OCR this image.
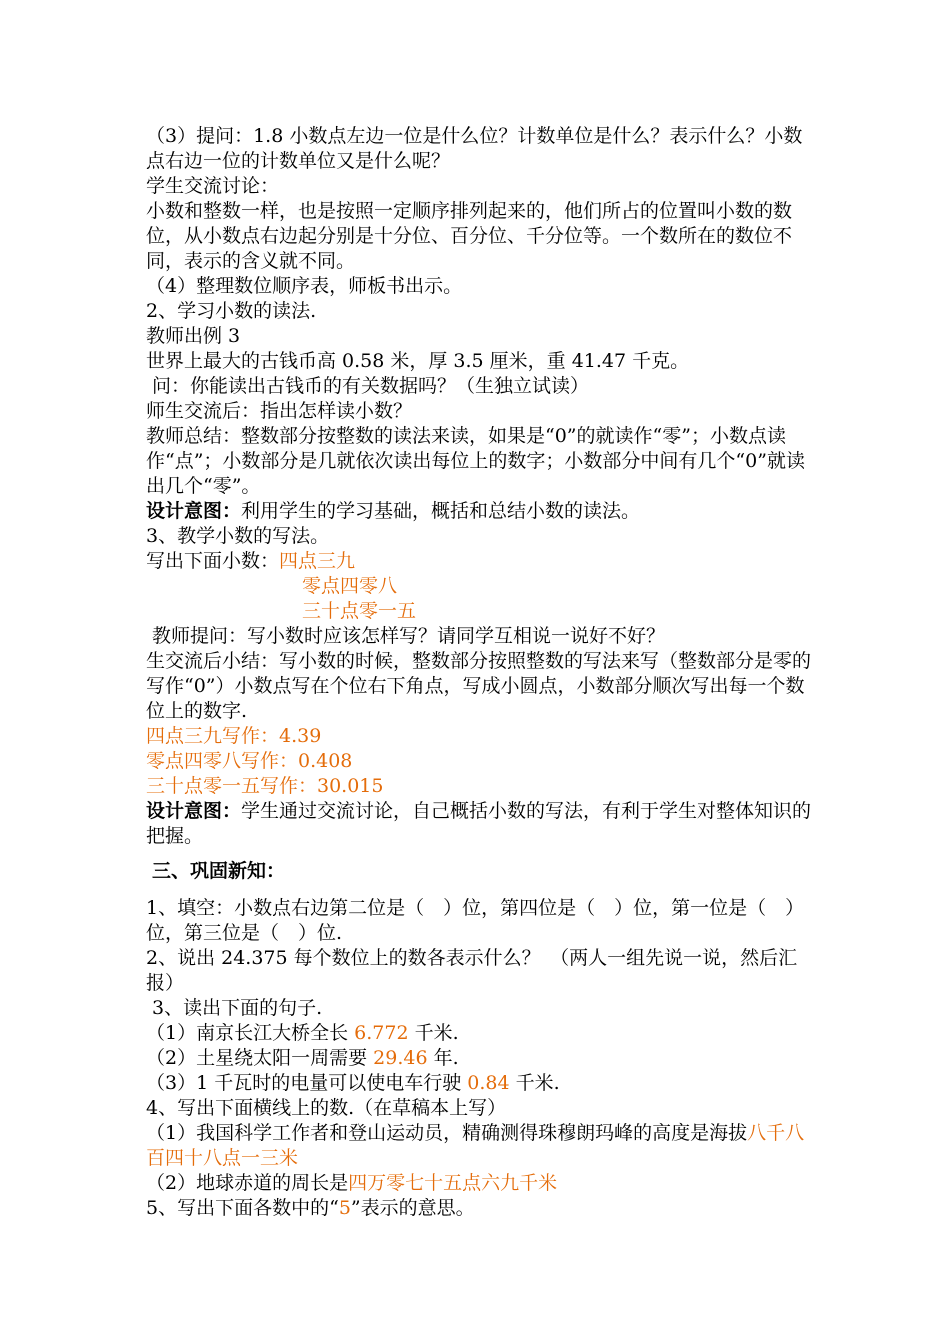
（3）提问：1.8 小数点左边一位是什么位？计数单位是什么？表示什么？小数点右边一位的计数单位又是什么呢？

学生交流讨论：

小数和整数一样，也是按照一定顺序排列起来的，他们所占的位置叫小数的数位，从小数点右边起分别是十分位、百分位、千分位等。一个数所在的数位不同，表示的含义就不同。

（4）整理数位顺序表，师板书出示。

2、学习小数的读法.

教师出例 3

世界上最大的古钱币高 0.58 米，厚 3.5 厘米，重 41.47 千克。

问：你能读出古钱币的有关数据吗？（生独立试读）

师生交流后：指出怎样读小数？

教师总结：整数部分按整数的读法来读，如果是“0”的就读作“零”；小数点读作“点”；小数部分是几就依次读出每位上的数字；小数部分中间有几个“0”就读出几个“零”。

设计意图：利用学生的学习基础，概括和总结小数的读法。

3、教学小数的写法。

写出下面小数：四点三九

零点四零八

三十点零一五

教师提问：写小数时应该怎样写？请同学互相说一说好不好？

生交流后小结：写小数的时候，整数部分按照整数的写法来写（整数部分是零的写作“0”）小数点写在个位右下角点，写成小圆点，小数部分顺次写出每一个数位上的数字.

四点三九写作：4.39

零点四零八写作：0.408

三十点零一五写作：30.015

设计意图：学生通过交流讨论，自己概括小数的写法，有利于学生对整体知识的把握。

三、巩固新知：

1、填空：小数点右边第二位是（　）位，第四位是（　）位，第一位是（　）位，第三位是（　）位.

2、说出 24.375 每个数位上的数各表示什么？　（两人一组先说一说，然后汇报）

3、读出下面的句子.

（1）南京长江大桥全长 6.772 千米.

（2）土星绕太阳一周需要 29.46 年.

（3）1 千瓦时的电量可以使电车行驶 0.84 千米.

4、写出下面横线上的数.（在草稿本上写）

（1）我国科学工作者和登山运动员，精确测得珠穆朗玛峰的高度是海拔八千八百四十八点一三米

（2）地球赤道的周长是四万零七十五点六九千米

5、写出下面各数中的“5”表示的意思。
